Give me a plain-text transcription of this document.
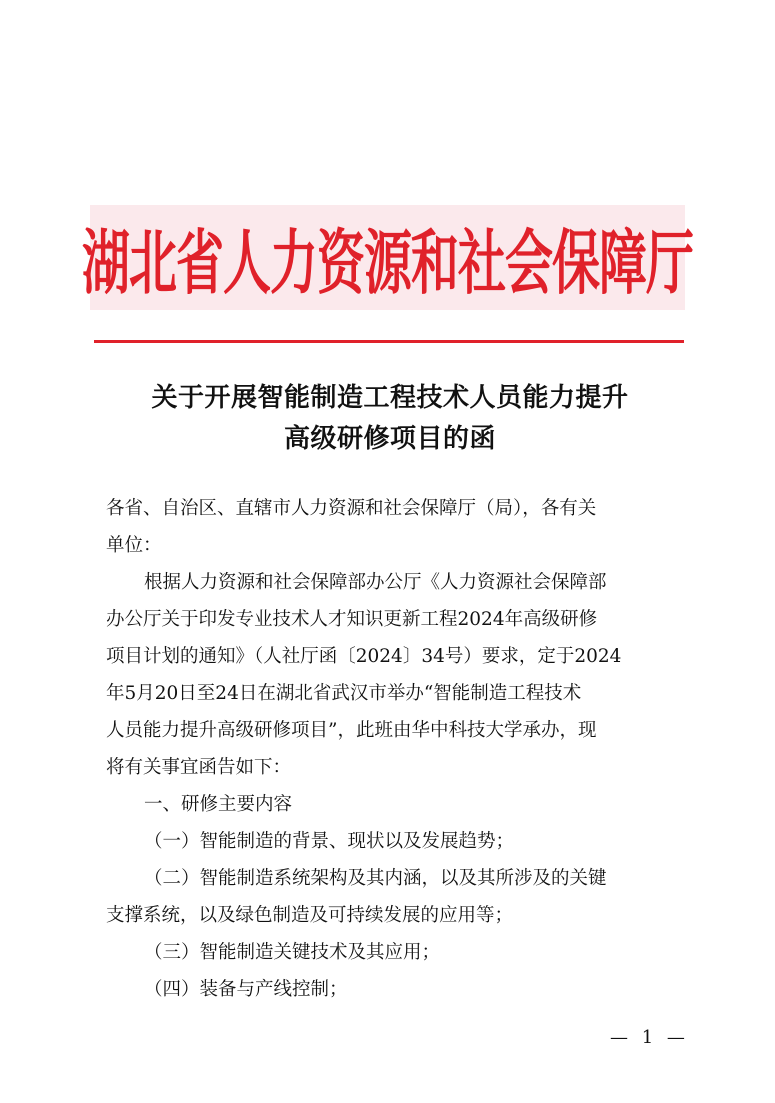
湖北省人力资源和社会保障厅
关于开展智能制造工程技术人员能力提升
高级研修项目的函
各省、自治区、直辖市人力资源和社会保障厅（局），各有关
单位：
根据人力资源和社会保障部办公厅《人力资源社会保障部
办公厅关于印发专业技术人才知识更新工程2024年高级研修
项目计划的通知》（人社厅函〔2024〕34号）要求，定于2024
年5月20日至24日在湖北省武汉市举办“智能制造工程技术
人员能力提升高级研修项目”，此班由华中科技大学承办，现
将有关事宜函告如下：
一、研修主要内容
（一）智能制造的背景、现状以及发展趋势；
（二）智能制造系统架构及其内涵，以及其所涉及的关键
支撑系统，以及绿色制造及可持续发展的应用等；
（三）智能制造关键技术及其应用；
（四）装备与产线控制；
— 1 —
